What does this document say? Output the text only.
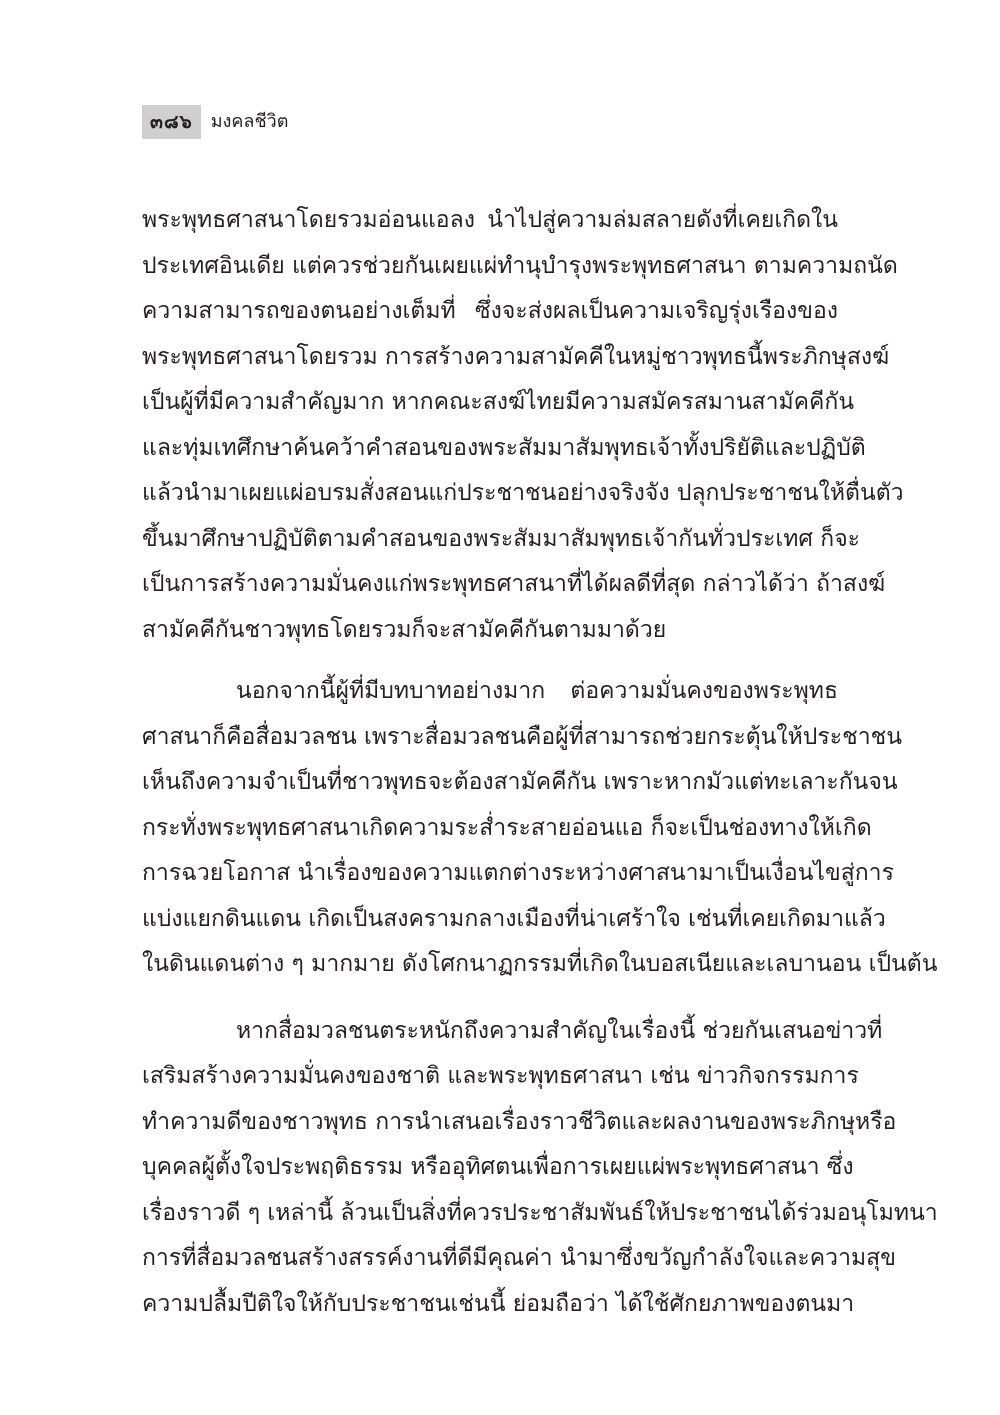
๓๘๖	มงคลชีวิต
พระพุทธศาสนาโดยรวมอ่อนแอลง นำไปสู่ความล่มสลายดังที่เคยเกิดใน
ประเทศอินเดีย แต่ควรช่วยกันเผยแผ่ทำนุบำรุงพระพุทธศาสนา ตามความถนัด
ความสามารถของตนอย่างเต็มที่ ซึ่งจะส่งผลเป็นความเจริญรุ่งเรืองของ
พระพุทธศาสนาโดยรวม การสร้างความสามัคคีในหมู่ชาวพุทธนี้พระภิกษุสงฆ์
เป็นผู้ที่มีความสำคัญมาก หากคณะสงฆ์ไทยมีความสมัครสมานสามัคคีกัน
และทุ่มเทศึกษาค้นคว้าคำสอนของพระสัมมาสัมพุทธเจ้าทั้งปริยัติและปฏิบัติ
แล้วนำมาเผยแผ่อบรมสั่งสอนแก่ประชาชนอย่างจริงจัง ปลุกประชาชนให้ตื่นตัว
ขึ้นมาศึกษาปฏิบัติตามคำสอนของพระสัมมาสัมพุทธเจ้ากันทั่วประเทศ ก็จะ
เป็นการสร้างความมั่นคงแก่พระพุทธศาสนาที่ได้ผลดีที่สุด กล่าวได้ว่า ถ้าสงฆ์
สามัคคีกันชาวพุทธโดยรวมก็จะสามัคคีกันตามมาด้วย
นอกจากนี้ผู้ที่มีบทบาทอย่างมาก ต่อความมั่นคงของพระพุทธ
ศาสนาก็คือสื่อมวลชน เพราะสื่อมวลชนคือผู้ที่สามารถช่วยกระตุ้นให้ประชาชน
เห็นถึงความจำเป็นที่ชาวพุทธจะต้องสามัคคีกัน เพราะหากมัวแต่ทะเลาะกันจน
กระทั่งพระพุทธศาสนาเกิดความระส่ำระสายอ่อนแอ ก็จะเป็นช่องทางให้เกิด
การฉวยโอกาส นำเรื่องของความแตกต่างระหว่างศาสนามาเป็นเงื่อนไขสู่การ
แบ่งแยกดินแดน เกิดเป็นสงครามกลางเมืองที่น่าเศร้าใจ เช่นที่เคยเกิดมาแล้ว
ในดินแดนต่าง ๆ มากมาย ดังโศกนาฏกรรมที่เกิดในบอสเนียและเลบานอน เป็นต้น
หากสื่อมวลชนตระหนักถึงความสำคัญในเรื่องนี้ ช่วยกันเสนอข่าวที่
เสริมสร้างความมั่นคงของชาติ และพระพุทธศาสนา เช่น ข่าวกิจกรรมการ
ทำความดีของชาวพุทธ การนำเสนอเรื่องราวชีวิตและผลงานของพระภิกษุหรือ
บุคคลผู้ตั้งใจประพฤติธรรม หรืออุทิศตนเพื่อการเผยแผ่พระพุทธศาสนา ซึ่ง
เรื่องราวดี ๆ เหล่านี้ ล้วนเป็นสิ่งที่ควรประชาสัมพันธ์ให้ประชาชนได้ร่วมอนุโมทนา
การที่สื่อมวลชนสร้างสรรค์งานที่ดีมีคุณค่า นำมาซึ่งขวัญกำลังใจและความสุข
ความปลื้มปีติใจให้กับประชาชนเช่นนี้ ย่อมถือว่า ได้ใช้ศักยภาพของตนมา
